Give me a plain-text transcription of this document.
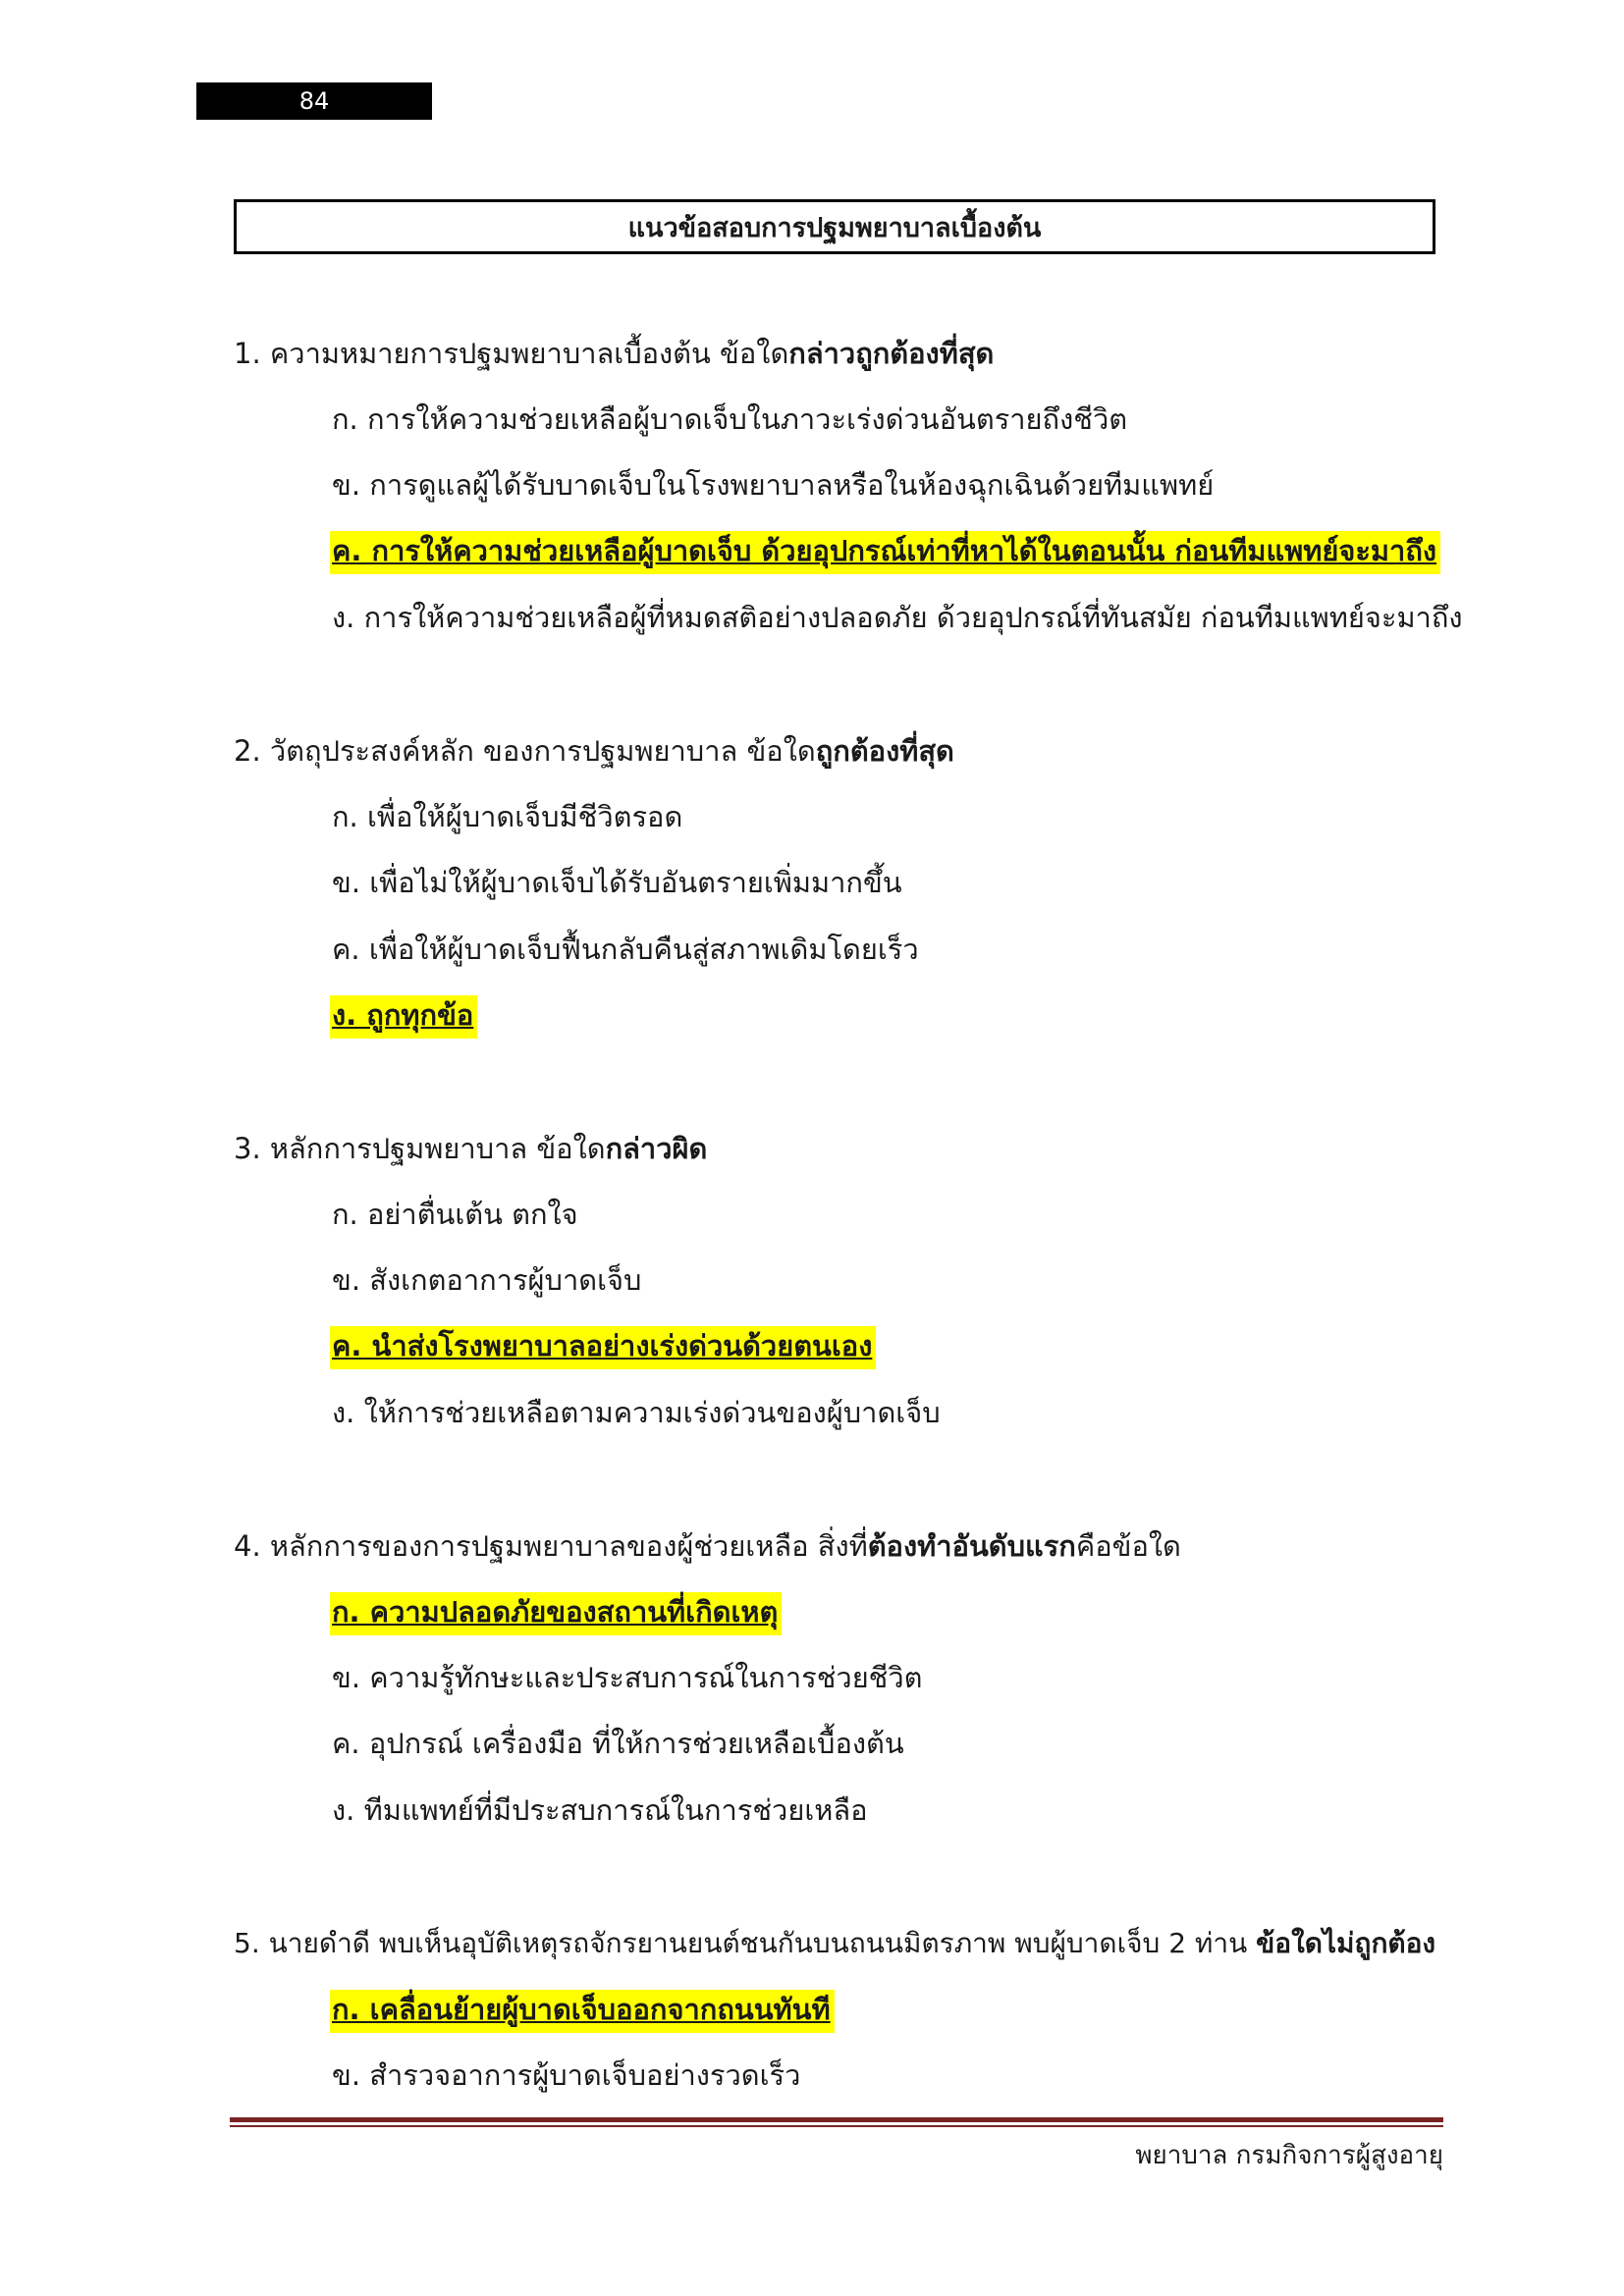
84
แนวข้อสอบการปฐมพยาบาลเบื้องต้น
1. ความหมายการปฐมพยาบาลเบื้องต้น ข้อใดกล่าวถูกต้องที่สุด
ก. การให้ความช่วยเหลือผู้บาดเจ็บในภาวะเร่งด่วนอันตรายถึงชีวิต
ข. การดูแลผู้ได้รับบาดเจ็บในโรงพยาบาลหรือในห้องฉุกเฉินด้วยทีมแพทย์
ค. การให้ความช่วยเหลือผู้บาดเจ็บ ด้วยอุปกรณ์เท่าที่หาได้ในตอนนั้น ก่อนทีมแพทย์จะมาถึง
ง. การให้ความช่วยเหลือผู้ที่หมดสติอย่างปลอดภัย ด้วยอุปกรณ์ที่ทันสมัย ก่อนทีมแพทย์จะมาถึง
2. วัตถุประสงค์หลัก ของการปฐมพยาบาล ข้อใดถูกต้องที่สุด
ก. เพื่อให้ผู้บาดเจ็บมีชีวิตรอด
ข. เพื่อไม่ให้ผู้บาดเจ็บได้รับอันตรายเพิ่มมากขึ้น
ค. เพื่อให้ผู้บาดเจ็บฟื้นกลับคืนสู่สภาพเดิมโดยเร็ว
ง. ถูกทุกข้อ
3. หลักการปฐมพยาบาล ข้อใดกล่าวผิด
ก. อย่าตื่นเต้น ตกใจ
ข. สังเกตอาการผู้บาดเจ็บ
ค. นำส่งโรงพยาบาลอย่างเร่งด่วนด้วยตนเอง
ง. ให้การช่วยเหลือตามความเร่งด่วนของผู้บาดเจ็บ
4. หลักการของการปฐมพยาบาลของผู้ช่วยเหลือ สิ่งที่ต้องทำอันดับแรกคือข้อใด
ก. ความปลอดภัยของสถานที่เกิดเหตุ
ข. ความรู้ทักษะและประสบการณ์ในการช่วยชีวิต
ค. อุปกรณ์ เครื่องมือ ที่ให้การช่วยเหลือเบื้องต้น
ง. ทีมแพทย์ที่มีประสบการณ์ในการช่วยเหลือ
5. นายดำดี พบเห็นอุบัติเหตุรถจักรยานยนต์ชนกันบนถนนมิตรภาพ พบผู้บาดเจ็บ 2 ท่าน ข้อใดไม่ถูกต้อง
ก. เคลื่อนย้ายผู้บาดเจ็บออกจากถนนทันที
ข. สำรวจอาการผู้บาดเจ็บอย่างรวดเร็ว
พยาบาล กรมกิจการผู้สูงอายุ
